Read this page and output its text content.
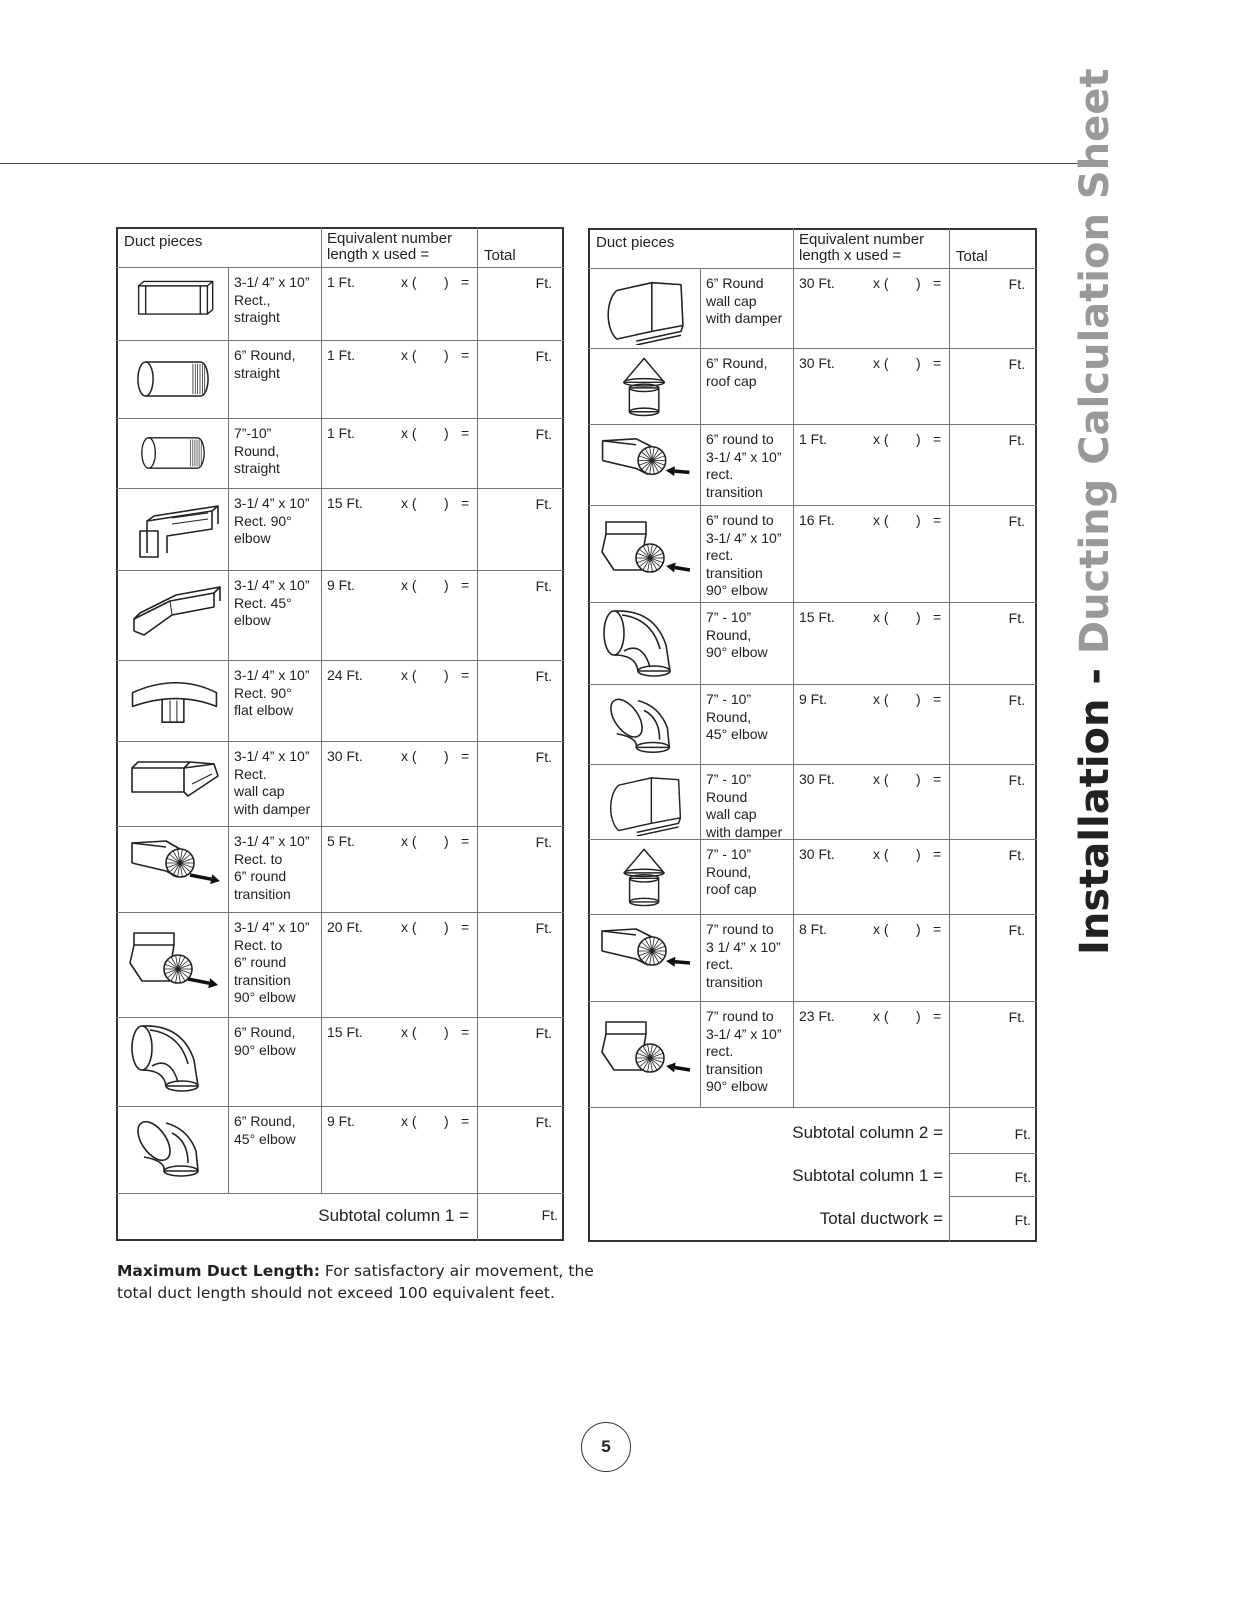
Installation - Ducting Calculation Sheet
Duct pieces	Equivalent number
length x used =	Total
3-1/ 4” x 10”
Rect.,
straight
1 Ft.	x ( ) =	Ft.
6” Round,
straight
1 Ft.	x ( ) =	Ft.
7”-10” Round,
straight
1 Ft.	x ( ) =	Ft.
3-1/ 4” x 10”
Rect. 90°
elbow
15 Ft.	x ( ) =	Ft.
3-1/ 4” x 10”
Rect. 45°
elbow
9 Ft.	x ( ) =	Ft.
3-1/ 4” x 10”
Rect. 90°
flat elbow
24 Ft.	x ( ) =	Ft.
3-1/ 4” x 10”
Rect.
wall cap
with damper
30 Ft.	x ( ) =	Ft.
3-1/ 4” x 10”
Rect. to
6” round
transition
5 Ft.	x ( ) =	Ft.
3-1/ 4” x 10”
Rect. to
6” round
transition
90° elbow
20 Ft.	x ( ) =	Ft.
6” Round,
90° elbow
15 Ft.	x ( ) =	Ft.
6” Round,
45° elbow
9 Ft.	x ( ) =	Ft.
Duct pieces	Equivalent number
length x used =	Total
6” Round
wall cap
with damper
30 Ft.	x ( ) =	Ft.
6” Round,
roof cap
30 Ft.	x ( ) =	Ft.
6” round to
3-1/ 4” x 10”
rect.
transition
1 Ft.	x ( ) =	Ft.
6” round to
3-1/ 4” x 10”
rect.
transition
90° elbow
16 Ft.	x ( ) =	Ft.
7” - 10”
Round,
90° elbow
15 Ft.	x ( ) =	Ft.
7” - 10”
Round,
45° elbow
9 Ft.	x ( ) =	Ft.
7” - 10”
Round
wall cap
with damper
30 Ft.	x ( ) =	Ft.
7” - 10”
Round,
roof cap
30 Ft.	x ( ) =	Ft.
7” round to
3 1/ 4” x 10”
rect.
transition
8 Ft.	x ( ) =	Ft.
7” round to
3-1/ 4” x 10”
rect.
transition
90° elbow
23 Ft.	x ( ) =	Ft.
Subtotal column 1 =	Ft.
Subtotal column 2 =	Ft.
Subtotal column 1 =	Ft.
Total ductwork =	Ft.
Maximum Duct Length: For satisfactory air movement, the total duct length should not exceed 100 equivalent feet.
5
